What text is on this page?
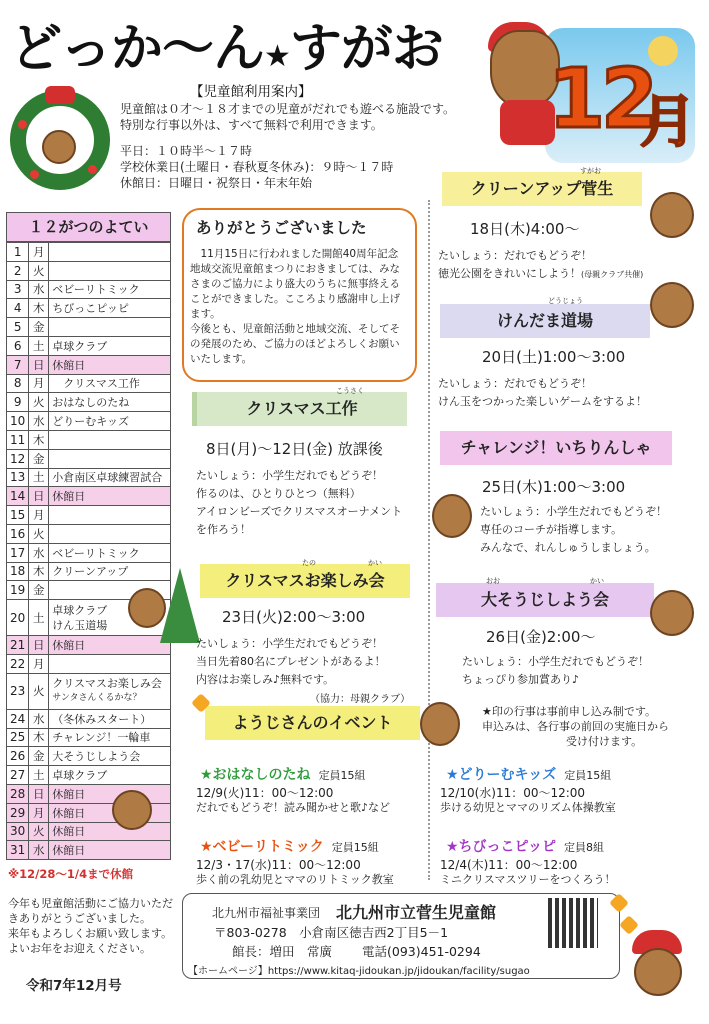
どっか～ん★すがお
【児童館利用案内】
児童館は０才～１８才までの児童がだれでも遊べる施設です。
特別な行事以外は、すべて無料で利用できます。
平日：１０時半～１７時
学校休業日(土曜日・春秋夏冬休み)：９時～１７時
休館日：日曜日・祝祭日・年末年始
12
月
１２がつのよてい
1	月	
2	火	
3	水	ベビーリトミック
4	木	ちびっこピッピ
5	金	
6	土	卓球クラブ
7	日	休館日
8	月	　クリスマス工作
9	火	おはなしのたね
10	水	どりーむキッズ
11	木	
12	金	
13	土	小倉南区卓球練習試合
14	日	休館日
15	月	
16	火	
17	水	ベビーリトミック
18	木	クリーンアップ
19	金	
20	土	卓球クラブ
けん玉道場

21	日	休館日
22	月	
23	火	クリスマスお楽しみ会
サンタさんくるかな？

24	水	（冬休みスタート）
25	木	チャレンジ！一輪車
26	金	大そうじしよう会
27	土	卓球クラブ
28	日	休館日
29	月	休館日
30	火	休館日
31	水	休館日
※12/28～1/4まで休館
今年も児童館活動にご協力いただ
きありがとうございました。
来年もよろしくお願い致します。
よいお年をお迎えください。
令和7年12月号
ありがとうございました
　11月15日に行われました開館40周年記念
地域交流児童館まつりにおきましては、みな
さまのご協力により盛大のうちに無事終える
ことができました。こころより感謝申し上げ
ます。
今後とも、児童館活動と地域交流、そしてそ
の発展のため、ご協力のほどよろしくお願い
いたします。
クリスマス工作
こうさく
8日(月)～12日(金) 放課後
たいしょう：小学生だれでもどうぞ！
作るのは、ひとりひとつ（無料）
アイロンビーズでクリスマスオーナメント
を作ろう！
クリスマスお楽しみ会
たの	かい
23日(火)2:00～3:00
たいしょう：小学生だれでもどうぞ！
当日先着80名にプレゼントがあるよ！
内容はお楽しみ♪無料です。
（協力：母親クラブ）
クリーンアップ菅生
すがお
18日(木)4:00～
たいしょう：だれでもどうぞ！
徳光公園をきれいにしよう！(母親クラブ共催)
けんだま道場
どうじょう
20日(土)1:00～3:00
たいしょう：だれでもどうぞ！
けん玉をつかった楽しいゲームをするよ！
チャレンジ！いちりんしゃ
25日(木)1:00～3:00
たいしょう：小学生だれでもどうぞ！
専任のコーチが指導します。
みんなで、れんしゅうしましょう。
大そうじしよう会
おお	かい
26日(金)2:00～
たいしょう：小学生だれでもどうぞ！
ちょっぴり参加賞あり♪
★印の行事は事前申し込み制です。
申込みは、各行事の前回の実施日から
受け付けます。
ようじさんのイベント
★おはなしのたね 定員15組
12/9(火)11：00～12:00
だれでもどうぞ！読み聞かせと歌♪など
★どりーむキッズ 定員15組
12/10(水)11：00～12:00
歩ける幼児とママのリズム体操教室
★ベビーリトミック 定員15組
12/3・17(水)11：00～12:00
歩く前の乳幼児とママのリトミック教室
★ちびっこピッピ 定員8組
12/4(木)11：00～12:00
ミニクリスマスツリーをつくろう！
北九州市福祉事業団 北九州市立菅生児童館
〒803-0278　小倉南区徳吉西2丁目5－1
館長：増田　常廣 電話(093)451-0294
【ホームページ】https://www.kitaq-jidoukan.jp/jidoukan/facility/sugao
